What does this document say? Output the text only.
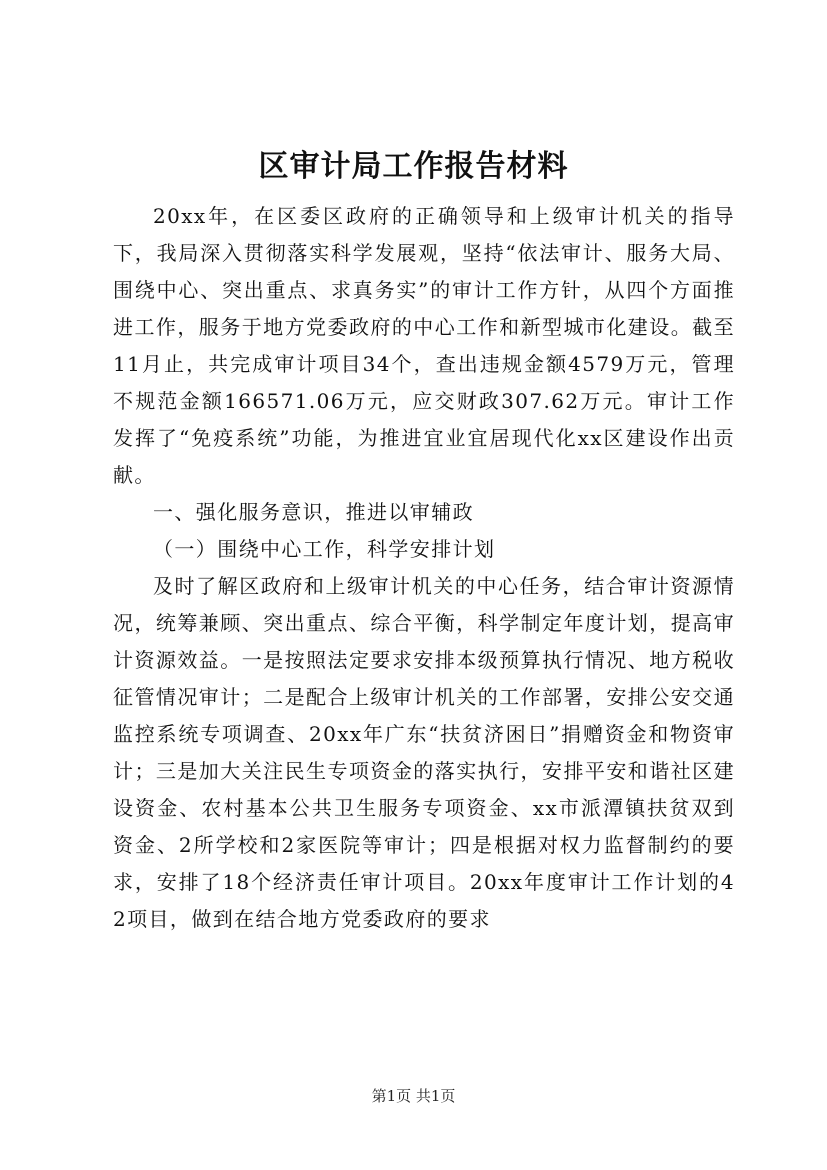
区审计局工作报告材料

20xx年，在区委区政府的正确领导和上级审计机关的指导下，我局深入贯彻落实科学发展观，坚持“依法审计、服务大局、围绕中心、突出重点、求真务实”的审计工作方针，从四个方面推进工作，服务于地方党委政府的中心工作和新型城市化建设。截至11月止，共完成审计项目34个，查出违规金额4579万元，管理不规范金额166571.06万元，应交财政307.62万元。审计工作发挥了“免疫系统”功能，为推进宜业宜居现代化xx区建设作出贡献。

一、强化服务意识，推进以审辅政

（一）围绕中心工作，科学安排计划

及时了解区政府和上级审计机关的中心任务，结合审计资源情况，统筹兼顾、突出重点、综合平衡，科学制定年度计划，提高审计资源效益。一是按照法定要求安排本级预算执行情况、地方税收征管情况审计；二是配合上级审计机关的工作部署，安排公安交通监控系统专项调查、20xx年广东“扶贫济困日”捐赠资金和物资审计；三是加大关注民生专项资金的落实执行，安排平安和谐社区建设资金、农村基本公共卫生服务专项资金、xx市派潭镇扶贫双到资金、2所学校和2家医院等审计；四是根据对权力监督制约的要求，安排了18个经济责任审计项目。20xx年度审计工作计划的42项目，做到在结合地方党委政府的要求

第1页 共1页
